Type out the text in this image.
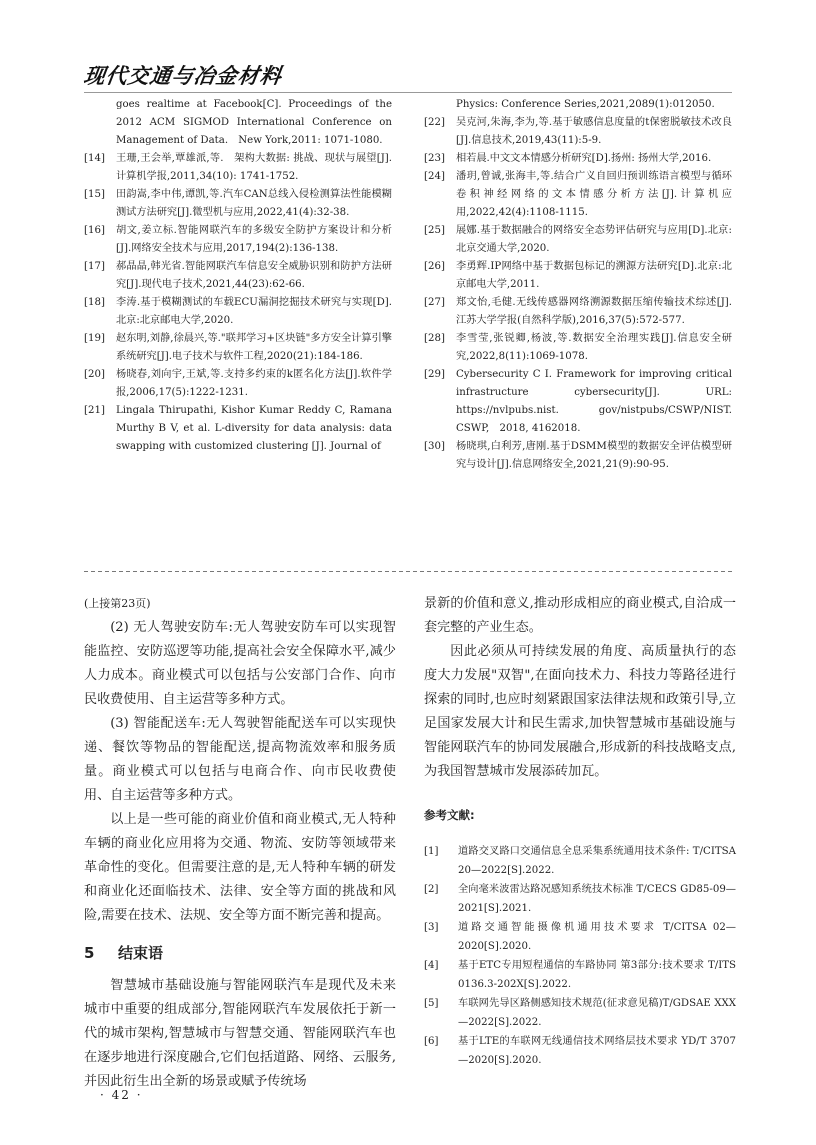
现代交通与冶金材料
goes realtime at Facebook[C]. Proceedings of the 2012 ACM SIGMOD International Conference on Management of Data.　New York,2011: 1071-1080.
[14]	王珊,王会举,覃雄派,等.　架构大数据: 挑战、现状与展望[J].　计算机学报,2011,34(10): 1741-1752.
[15]	田韵嵩,李中伟,谭凯,等.汽车CAN总线入侵检测算法性能模糊测试方法研究[J].微型机与应用,2022,41(4):32-38.
[16]	胡文,姜立标.智能网联汽车的多级安全防护方案设计和分析[J].网络安全技术与应用,2017,194(2):136-138.
[17]	郝晶晶,韩光省.智能网联汽车信息安全威胁识别和防护方法研究[J].现代电子技术,2021,44(23):62-66.
[18]	李涛.基于模糊测试的车载ECU漏洞挖掘技术研究与实现[D].北京:北京邮电大学,2020.
[19]	赵东明,刘静,徐晨兴,等."联邦学习+区块链"多方安全计算引擎系统研究[J].电子技术与软件工程,2020(21):184-186.
[20]	杨晓春,刘向宇,王斌,等.支持多约束的k匿名化方法[J].软件学报,2006,17(5):1222-1231.
[21]	Lingala Thirupathi, Kishor Kumar Reddy C, Ramana Murthy B V, et al. L-diversity for data analysis: data swapping with customized clustering [J]. Journal of
Physics: Conference Series,2021,2089(1):012050.
[22]	吴克河,朱海,李为,等.基于敏感信息度量的t保密脱敏技术改良[J].信息技术,2019,43(11):5-9.
[23]	相若晨.中文文本情感分析研究[D].扬州: 扬州大学,2016.
[24]	潘玥,曾诚,张海丰,等.结合广义自回归预训练语言模型与循环卷积神经网络的文本情感分析方法[J].计算机应用,2022,42(4):1108-1115.
[25]	展娜.基于数据融合的网络安全态势评估研究与应用[D].北京:北京交通大学,2020.
[26]	李勇辉.IP网络中基于数据包标记的溯源方法研究[D].北京:北京邮电大学,2011.
[27]	郑文怡,毛健.无线传感器网络溯源数据压缩传输技术综述[J].江苏大学学报(自然科学版),2016,37(5):572-577.
[28]	李雪莹,张锐卿,杨波,等.数据安全治理实践[J].信息安全研究,2022,8(11):1069-1078.
[29]	Cybersecurity C I. Framework for improving critical infrastructure cybersecurity[J]. URL: https://nvlpubs.nist. gov/nistpubs/CSWP/NIST.　CSWP,　2018, 4162018.
[30]	杨晓琪,白利芳,唐刚.基于DSMM模型的数据安全评估模型研究与设计[J].信息网络安全,2021,21(9):90-95.
(上接第23页)

(2) 无人驾驶安防车:无人驾驶安防车可以实现智能监控、安防巡逻等功能,提高社会安全保障水平,减少人力成本。商业模式可以包括与公安部门合作、向市民收费使用、自主运营等多种方式。

(3) 智能配送车:无人驾驶智能配送车可以实现快递、餐饮等物品的智能配送,提高物流效率和服务质量。商业模式可以包括与电商合作、向市民收费使用、自主运营等多种方式。

以上是一些可能的商业价值和商业模式,无人特种车辆的商业化应用将为交通、物流、安防等领域带来革命性的变化。但需要注意的是,无人特种车辆的研发和商业化还面临技术、法律、安全等方面的挑战和风险,需要在技术、法规、安全等方面不断完善和提高。

5 结束语

智慧城市基础设施与智能网联汽车是现代及未来城市中重要的组成部分,智能网联汽车发展依托于新一代的城市架构,智慧城市与智慧交通、智能网联汽车也在逐步地进行深度融合,它们包括道路、网络、云服务,并因此衍生出全新的场景或赋予传统场

景新的价值和意义,推动形成相应的商业模式,自洽成一套完整的产业生态。

因此必须从可持续发展的角度、高质量执行的态度大力发展"双智",在面向技术力、科技力等路径进行探索的同时,也应时刻紧跟国家法律法规和政策引导,立足国家发展大计和民生需求,加快智慧城市基础设施与智能网联汽车的协同发展融合,形成新的科技战略支点,为我国智慧城市发展添砖加瓦。

参考文献:
[1]	道路交叉路口交通信息全息采集系统通用技术条件: T/CITSA 20—2022[S].2022.
[2]	全向毫米波雷达路况感知系统技术标准 T/CECS GD85-09—2021[S].2021.
[3]	道路交通智能摄像机通用技术要求 T/CITSA 02—2020[S].2020.
[4]	基于ETC专用短程通信的车路协同 第3部分:技术要求 T/ITS 0136.3-202X[S].2022.
[5]	车联网先导区路侧感知技术规范(征求意见稿)T/GDSAE XXX—2022[S].2022.
[6]	基于LTE的车联网无线通信技术网络层技术要求 YD/T 3707—2020[S].2020.
· 42 ·
